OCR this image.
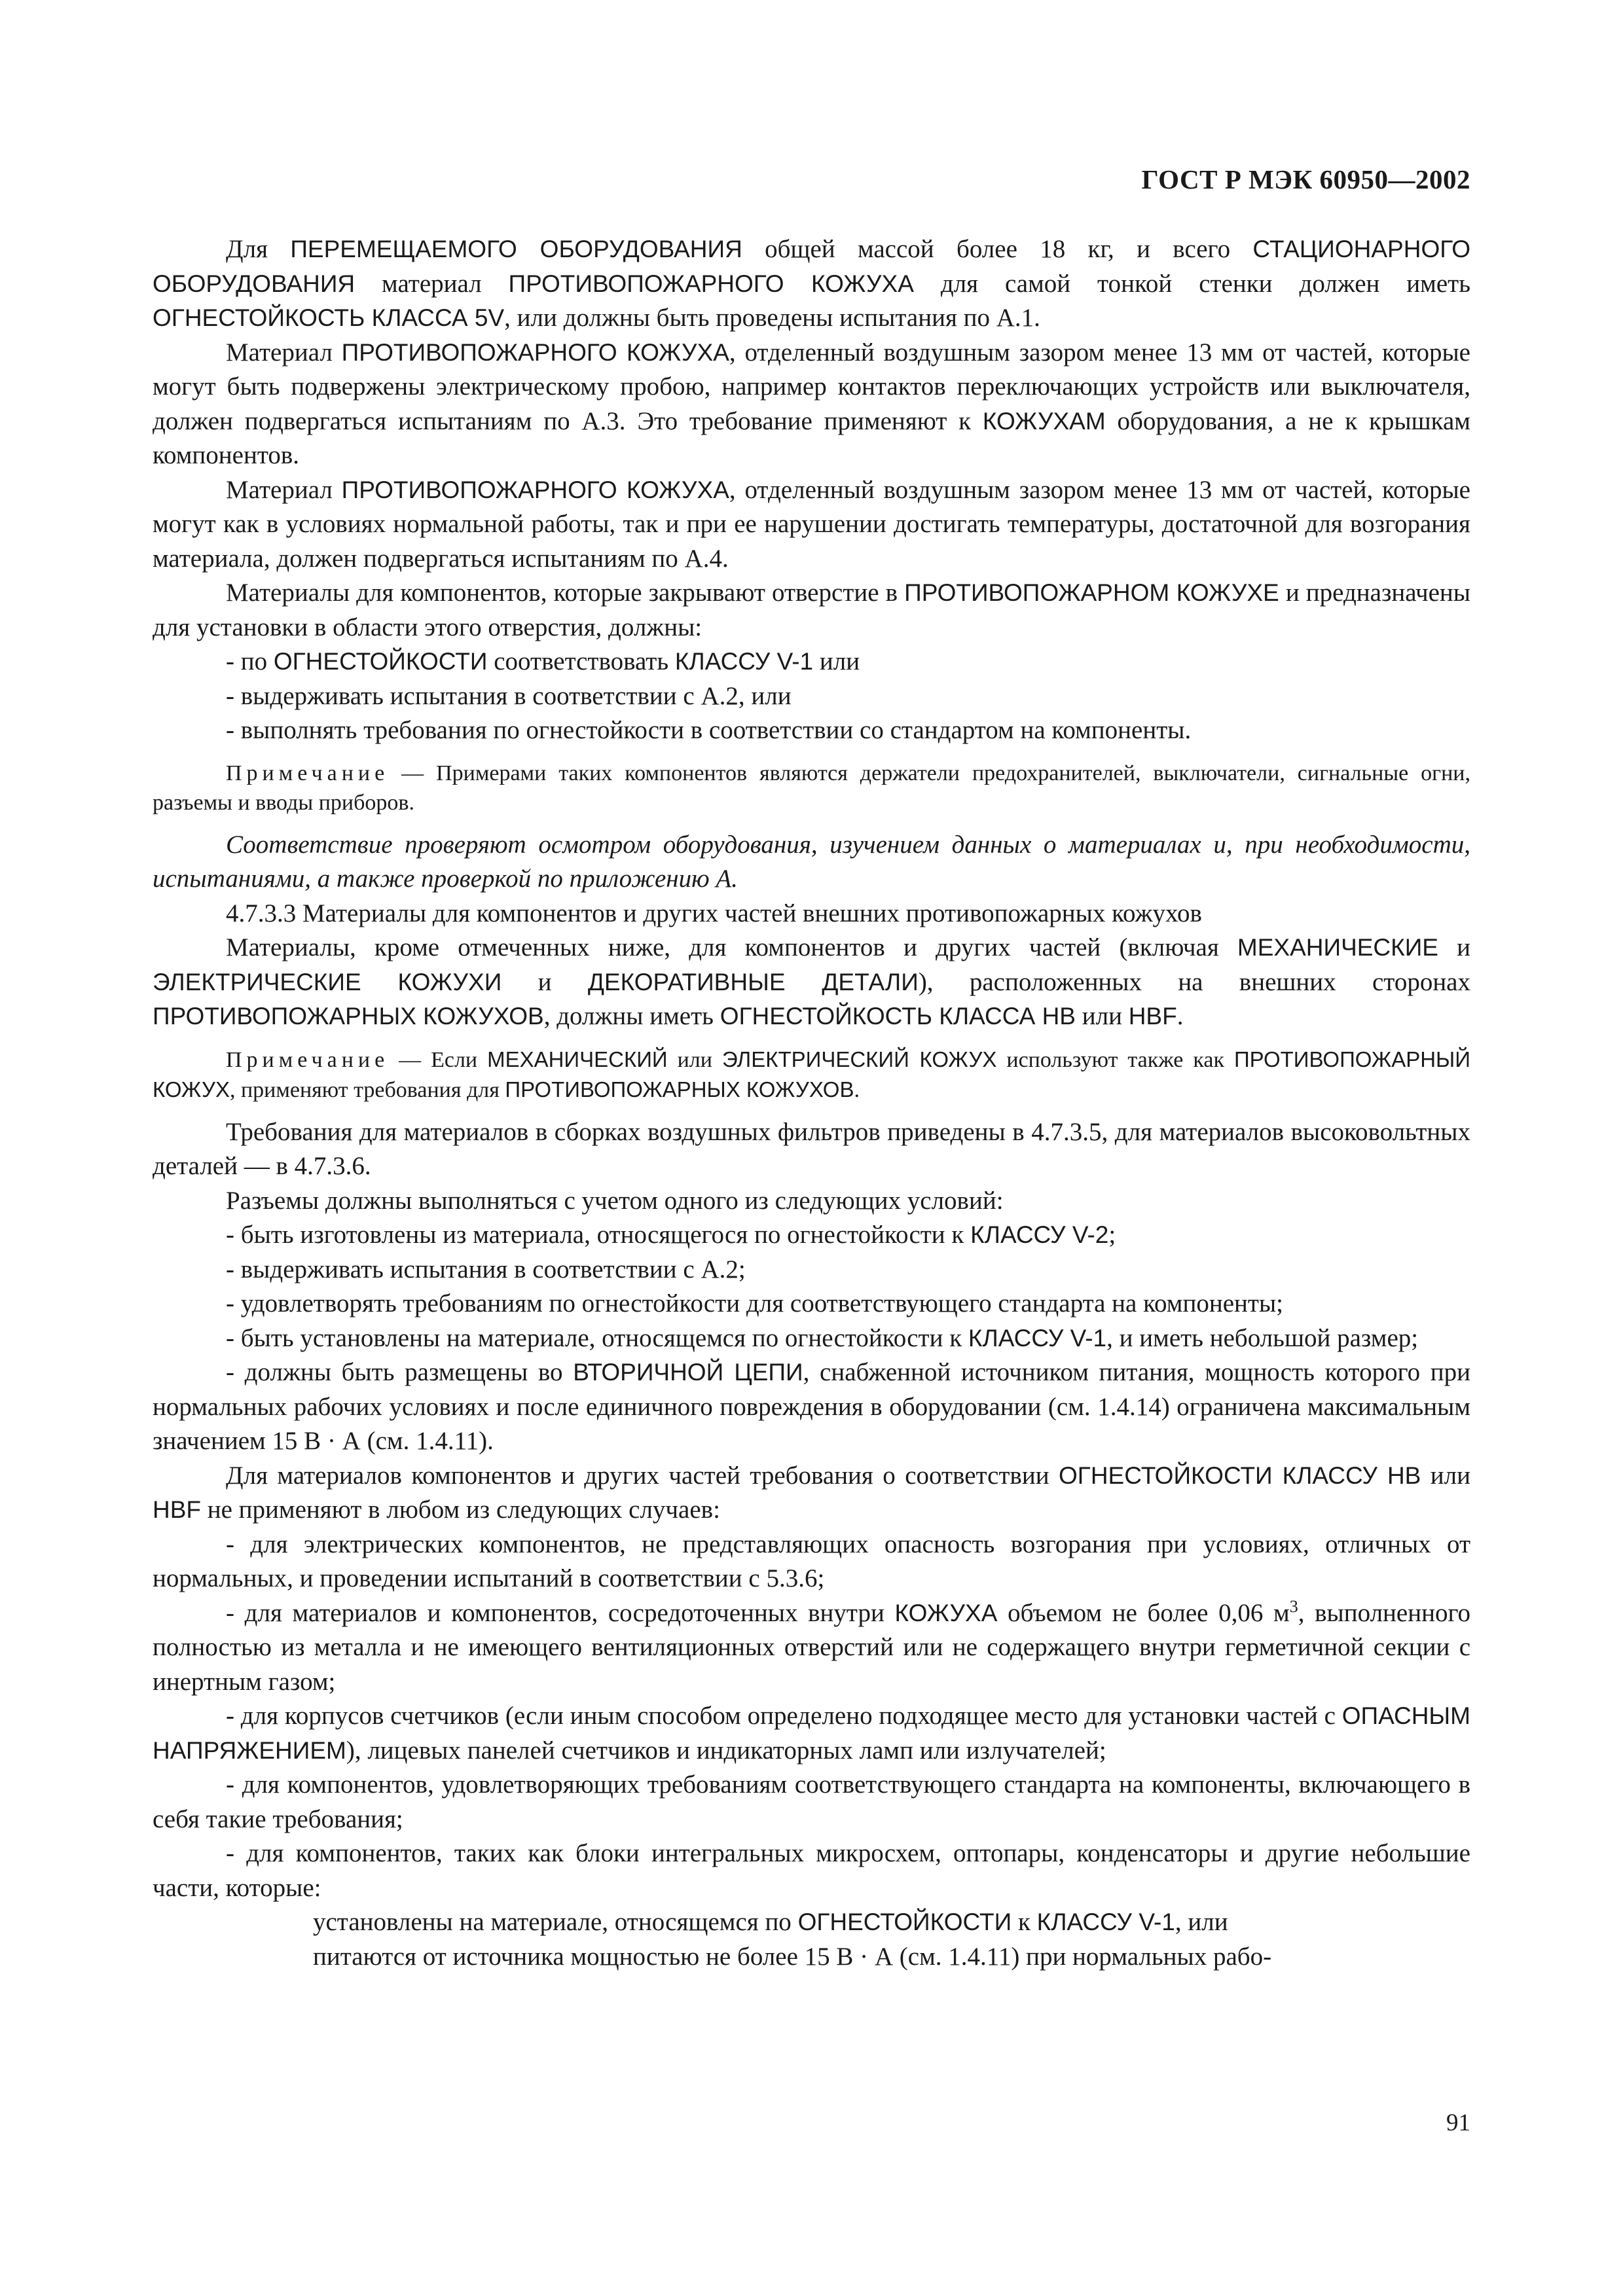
ГОСТ Р МЭК 60950—2002

Для ПЕРЕМЕЩАЕМОГО ОБОРУДОВАНИЯ общей массой более 18 кг, и всего СТАЦИОНАРНОГО ОБОРУДОВАНИЯ материал ПРОТИВОПОЖАРНОГО КОЖУХА для самой тонкой стенки должен иметь ОГНЕСТОЙКОСТЬ КЛАССА 5V, или должны быть проведены испытания по А.1.

Материал ПРОТИВОПОЖАРНОГО КОЖУХА, отделенный воздушным зазором менее 13 мм от частей, которые могут быть подвержены электрическому пробою, например контактов переключающих устройств или выключателя, должен подвергаться испытаниям по А.3. Это требование применяют к КОЖУХАМ оборудования, а не к крышкам компонентов.

Материал ПРОТИВОПОЖАРНОГО КОЖУХА, отделенный воздушным зазором менее 13 мм от частей, которые могут как в условиях нормальной работы, так и при ее нарушении достигать температуры, достаточной для возгорания материала, должен подвергаться испытаниям по А.4.

Материалы для компонентов, которые закрывают отверстие в ПРОТИВОПОЖАРНОМ КОЖУХЕ и предназначены для установки в области этого отверстия, должны:

- по ОГНЕСТОЙКОСТИ соответствовать КЛАССУ V-1 или

- выдерживать испытания в соответствии с А.2, или

- выполнять требования по огнестойкости в соответствии со стандартом на компоненты.

Примечание — Примерами таких компонентов являются держатели предохранителей, выключатели, сигнальные огни, разъемы и вводы приборов.

Соответствие проверяют осмотром оборудования, изучением данных о материалах и, при необходимости, испытаниями, а также проверкой по приложению А.

4.7.3.3 Материалы для компонентов и других частей внешних противопожарных кожухов

Материалы, кроме отмеченных ниже, для компонентов и других частей (включая МЕХАНИЧЕСКИЕ и ЭЛЕКТРИЧЕСКИЕ КОЖУХИ и ДЕКОРАТИВНЫЕ ДЕТАЛИ), расположенных на внешних сторонах ПРОТИВОПОЖАРНЫХ КОЖУХОВ, должны иметь ОГНЕСТОЙКОСТЬ КЛАССА HB или HBF.

Примечание — Если МЕХАНИЧЕСКИЙ или ЭЛЕКТРИЧЕСКИЙ КОЖУХ используют также как ПРОТИВОПОЖАРНЫЙ КОЖУХ, применяют требования для ПРОТИВОПОЖАРНЫХ КОЖУХОВ.

Требования для материалов в сборках воздушных фильтров приведены в 4.7.3.5, для материалов высоковольтных деталей — в 4.7.3.6.

Разъемы должны выполняться с учетом одного из следующих условий:

- быть изготовлены из материала, относящегося по огнестойкости к КЛАССУ V-2;

- выдерживать испытания в соответствии с А.2;

- удовлетворять требованиям по огнестойкости для соответствующего стандарта на компоненты;

- быть установлены на материале, относящемся по огнестойкости к КЛАССУ V-1, и иметь небольшой размер;

- должны быть размещены во ВТОРИЧНОЙ ЦЕПИ, снабженной источником питания, мощность которого при нормальных рабочих условиях и после единичного повреждения в оборудовании (см. 1.4.14) ограничена максимальным значением 15 В · А (см. 1.4.11).

Для материалов компонентов и других частей требования о соответствии ОГНЕСТОЙКОСТИ КЛАССУ HB или HBF не применяют в любом из следующих случаев:

- для электрических компонентов, не представляющих опасность возгорания при условиях, отличных от нормальных, и проведении испытаний в соответствии с 5.3.6;

- для материалов и компонентов, сосредоточенных внутри КОЖУХА объемом не более 0,06 $м^3$, выполненного полностью из металла и не имеющего вентиляционных отверстий или не содержащего внутри герметичной секции с инертным газом;

- для корпусов счетчиков (если иным способом определено подходящее место для установки частей с ОПАСНЫМ НАПРЯЖЕНИЕМ), лицевых панелей счетчиков и индикаторных ламп или излучателей;

- для компонентов, удовлетворяющих требованиям соответствующего стандарта на компоненты, включающего в себя такие требования;

- для компонентов, таких как блоки интегральных микросхем, оптопары, конденсаторы и другие небольшие части, которые:

установлены на материале, относящемся по ОГНЕСТОЙКОСТИ к КЛАССУ V-1, или

питаются от источника мощностью не более 15 В · А (см. 1.4.11) при нормальных рабо-

91
